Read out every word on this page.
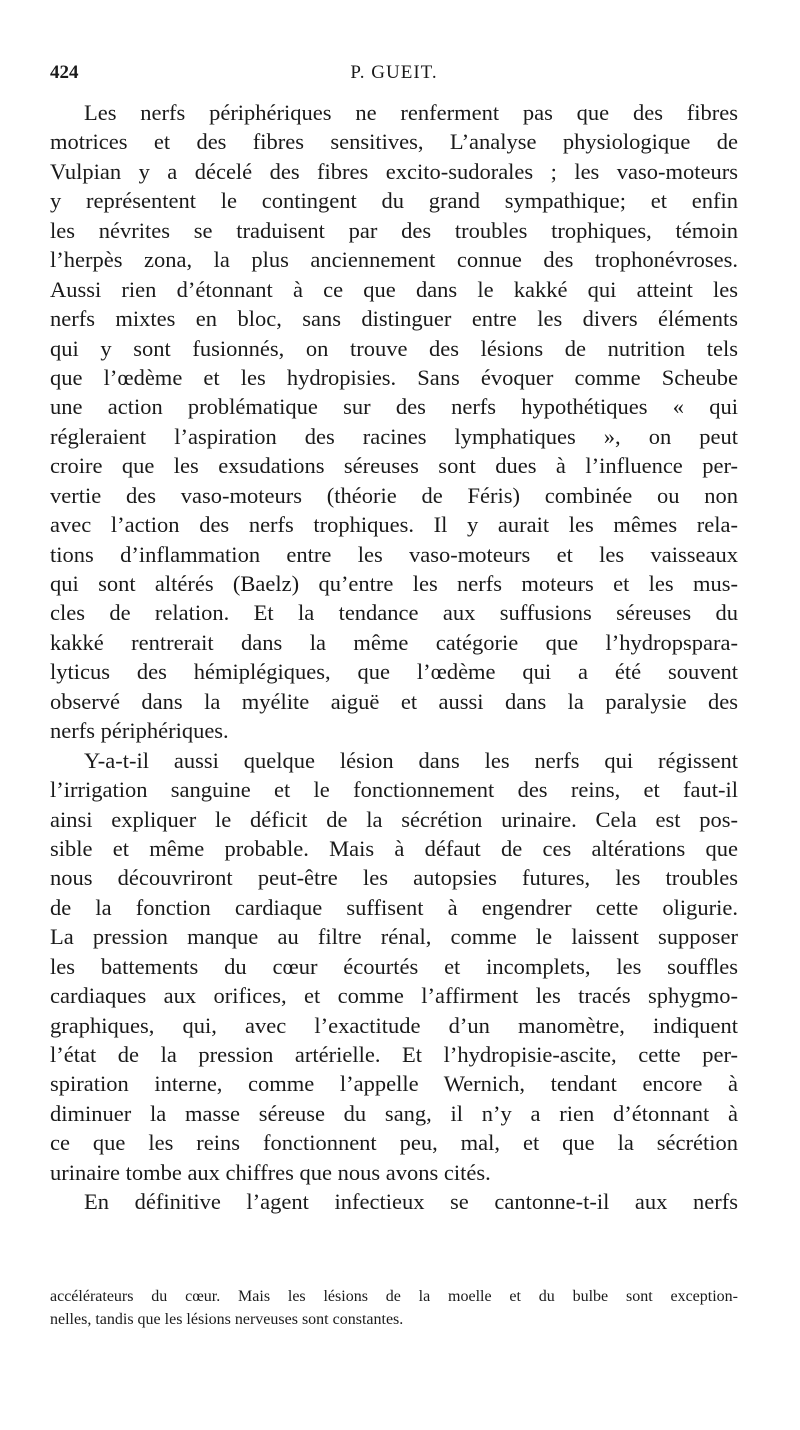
424	P. GUEIT.
Les nerfs périphériques ne renferment pas que des fibres
motrices et des fibres sensitives, L’analyse physiologique de
Vulpian y a décelé des fibres excito-sudorales ; les vaso-moteurs
y représentent le contingent du grand sympathique; et enfin
les névrites se traduisent par des troubles trophiques, témoin
l’herpès zona, la plus anciennement connue des trophonévroses.
Aussi rien d’étonnant à ce que dans le kakké qui atteint les
nerfs mixtes en bloc, sans distinguer entre les divers éléments
qui y sont fusionnés, on trouve des lésions de nutrition tels
que l’œdème et les hydropisies. Sans évoquer comme Scheube
une action problématique sur des nerfs hypothétiques « qui
régleraient l’aspiration des racines lymphatiques », on peut
croire que les exsudations séreuses sont dues à l’influence per-
vertie des vaso-moteurs (théorie de Féris) combinée ou non
avec l’action des nerfs trophiques. Il y aurait les mêmes rela-
tions d’inflammation entre les vaso-moteurs et les vaisseaux
qui sont altérés (Baelz) qu’entre les nerfs moteurs et les mus-
cles de relation. Et la tendance aux suffusions séreuses du
kakké rentrerait dans la même catégorie que l’hydropspara-
lyticus des hémiplégiques, que l’œdème qui a été souvent
observé dans la myélite aiguë et aussi dans la paralysie des
nerfs périphériques.
Y-a-t-il aussi quelque lésion dans les nerfs qui régissent
l’irrigation sanguine et le fonctionnement des reins, et faut-il
ainsi expliquer le déficit de la sécrétion urinaire. Cela est pos-
sible et même probable. Mais à défaut de ces altérations que
nous découvriront peut-être les autopsies futures, les troubles
de la fonction cardiaque suffisent à engendrer cette oligurie.
La pression manque au filtre rénal, comme le laissent supposer
les battements du cœur écourtés et incomplets, les souffles
cardiaques aux orifices, et comme l’affirment les tracés sphygmo-
graphiques, qui, avec l’exactitude d’un manomètre, indiquent
l’état de la pression artérielle. Et l’hydropisie-ascite, cette per-
spiration interne, comme l’appelle Wernich, tendant encore à
diminuer la masse séreuse du sang, il n’y a rien d’étonnant à
ce que les reins fonctionnent peu, mal, et que la sécrétion
urinaire tombe aux chiffres que nous avons cités.
En définitive l’agent infectieux se cantonne-t-il aux nerfs
accélérateurs du cœur. Mais les lésions de la moelle et du bulbe sont exception-
nelles, tandis que les lésions nerveuses sont constantes.
